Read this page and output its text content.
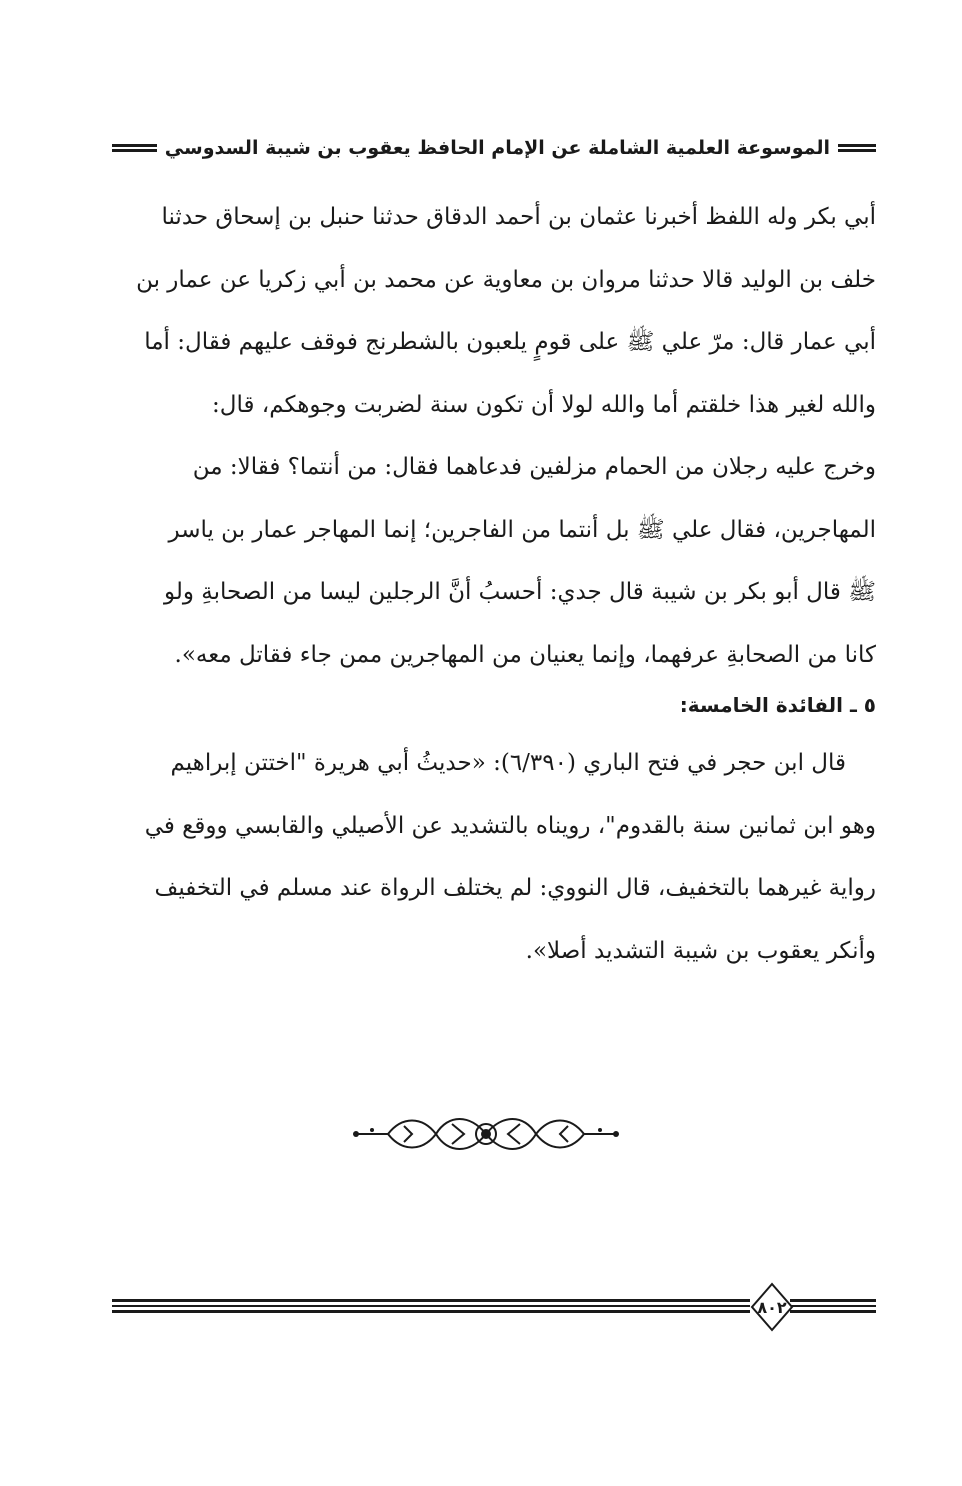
الموسوعة العلمية الشاملة عن الإمام الحافظ يعقوب بن شيبة السدوسي
أبي بكر وله اللفظ أخبرنا عثمان بن أحمد الدقاق حدثنا حنبل بن إسحاق حدثنا
خلف بن الوليد قالا حدثنا مروان بن معاوية عن محمد بن أبي زكريا عن عمار بن
أبي عمار قال: مرّ علي ﷺ على قومٍ يلعبون بالشطرنج فوقف عليهم فقال: أما
والله لغير هذا خلقتم أما والله لولا أن تكون سنة لضربت وجوهكم، قال:
وخرج عليه رجلان من الحمام مزلفين فدعاهما فقال: من أنتما؟ فقالا: من
المهاجرين، فقال علي ﷺ بل أنتما من الفاجرين؛ إنما المهاجر عمار بن ياسر
ﷺ قال أبو بكر بن شيبة قال جدي: أحسبُ أنَّ الرجلين ليسا من الصحابةِ ولو
كانا من الصحابةِ عرفهما، وإنما يعنيان من المهاجرين ممن جاء فقاتل معه».
٥ ـ الفائدة الخامسة:
قال ابن حجر في فتح الباري (٦/٣٩٠): «حديثُ أبي هريرة "اختتن إبراهيم
وهو ابن ثمانين سنة بالقدوم"، رويناه بالتشديد عن الأصيلي والقابسي ووقع في
رواية غيرهما بالتخفيف، قال النووي: لم يختلف الرواة عند مسلم في التخفيف
وأنكر يعقوب بن شيبة التشديد أصلا».
٨٠٢
